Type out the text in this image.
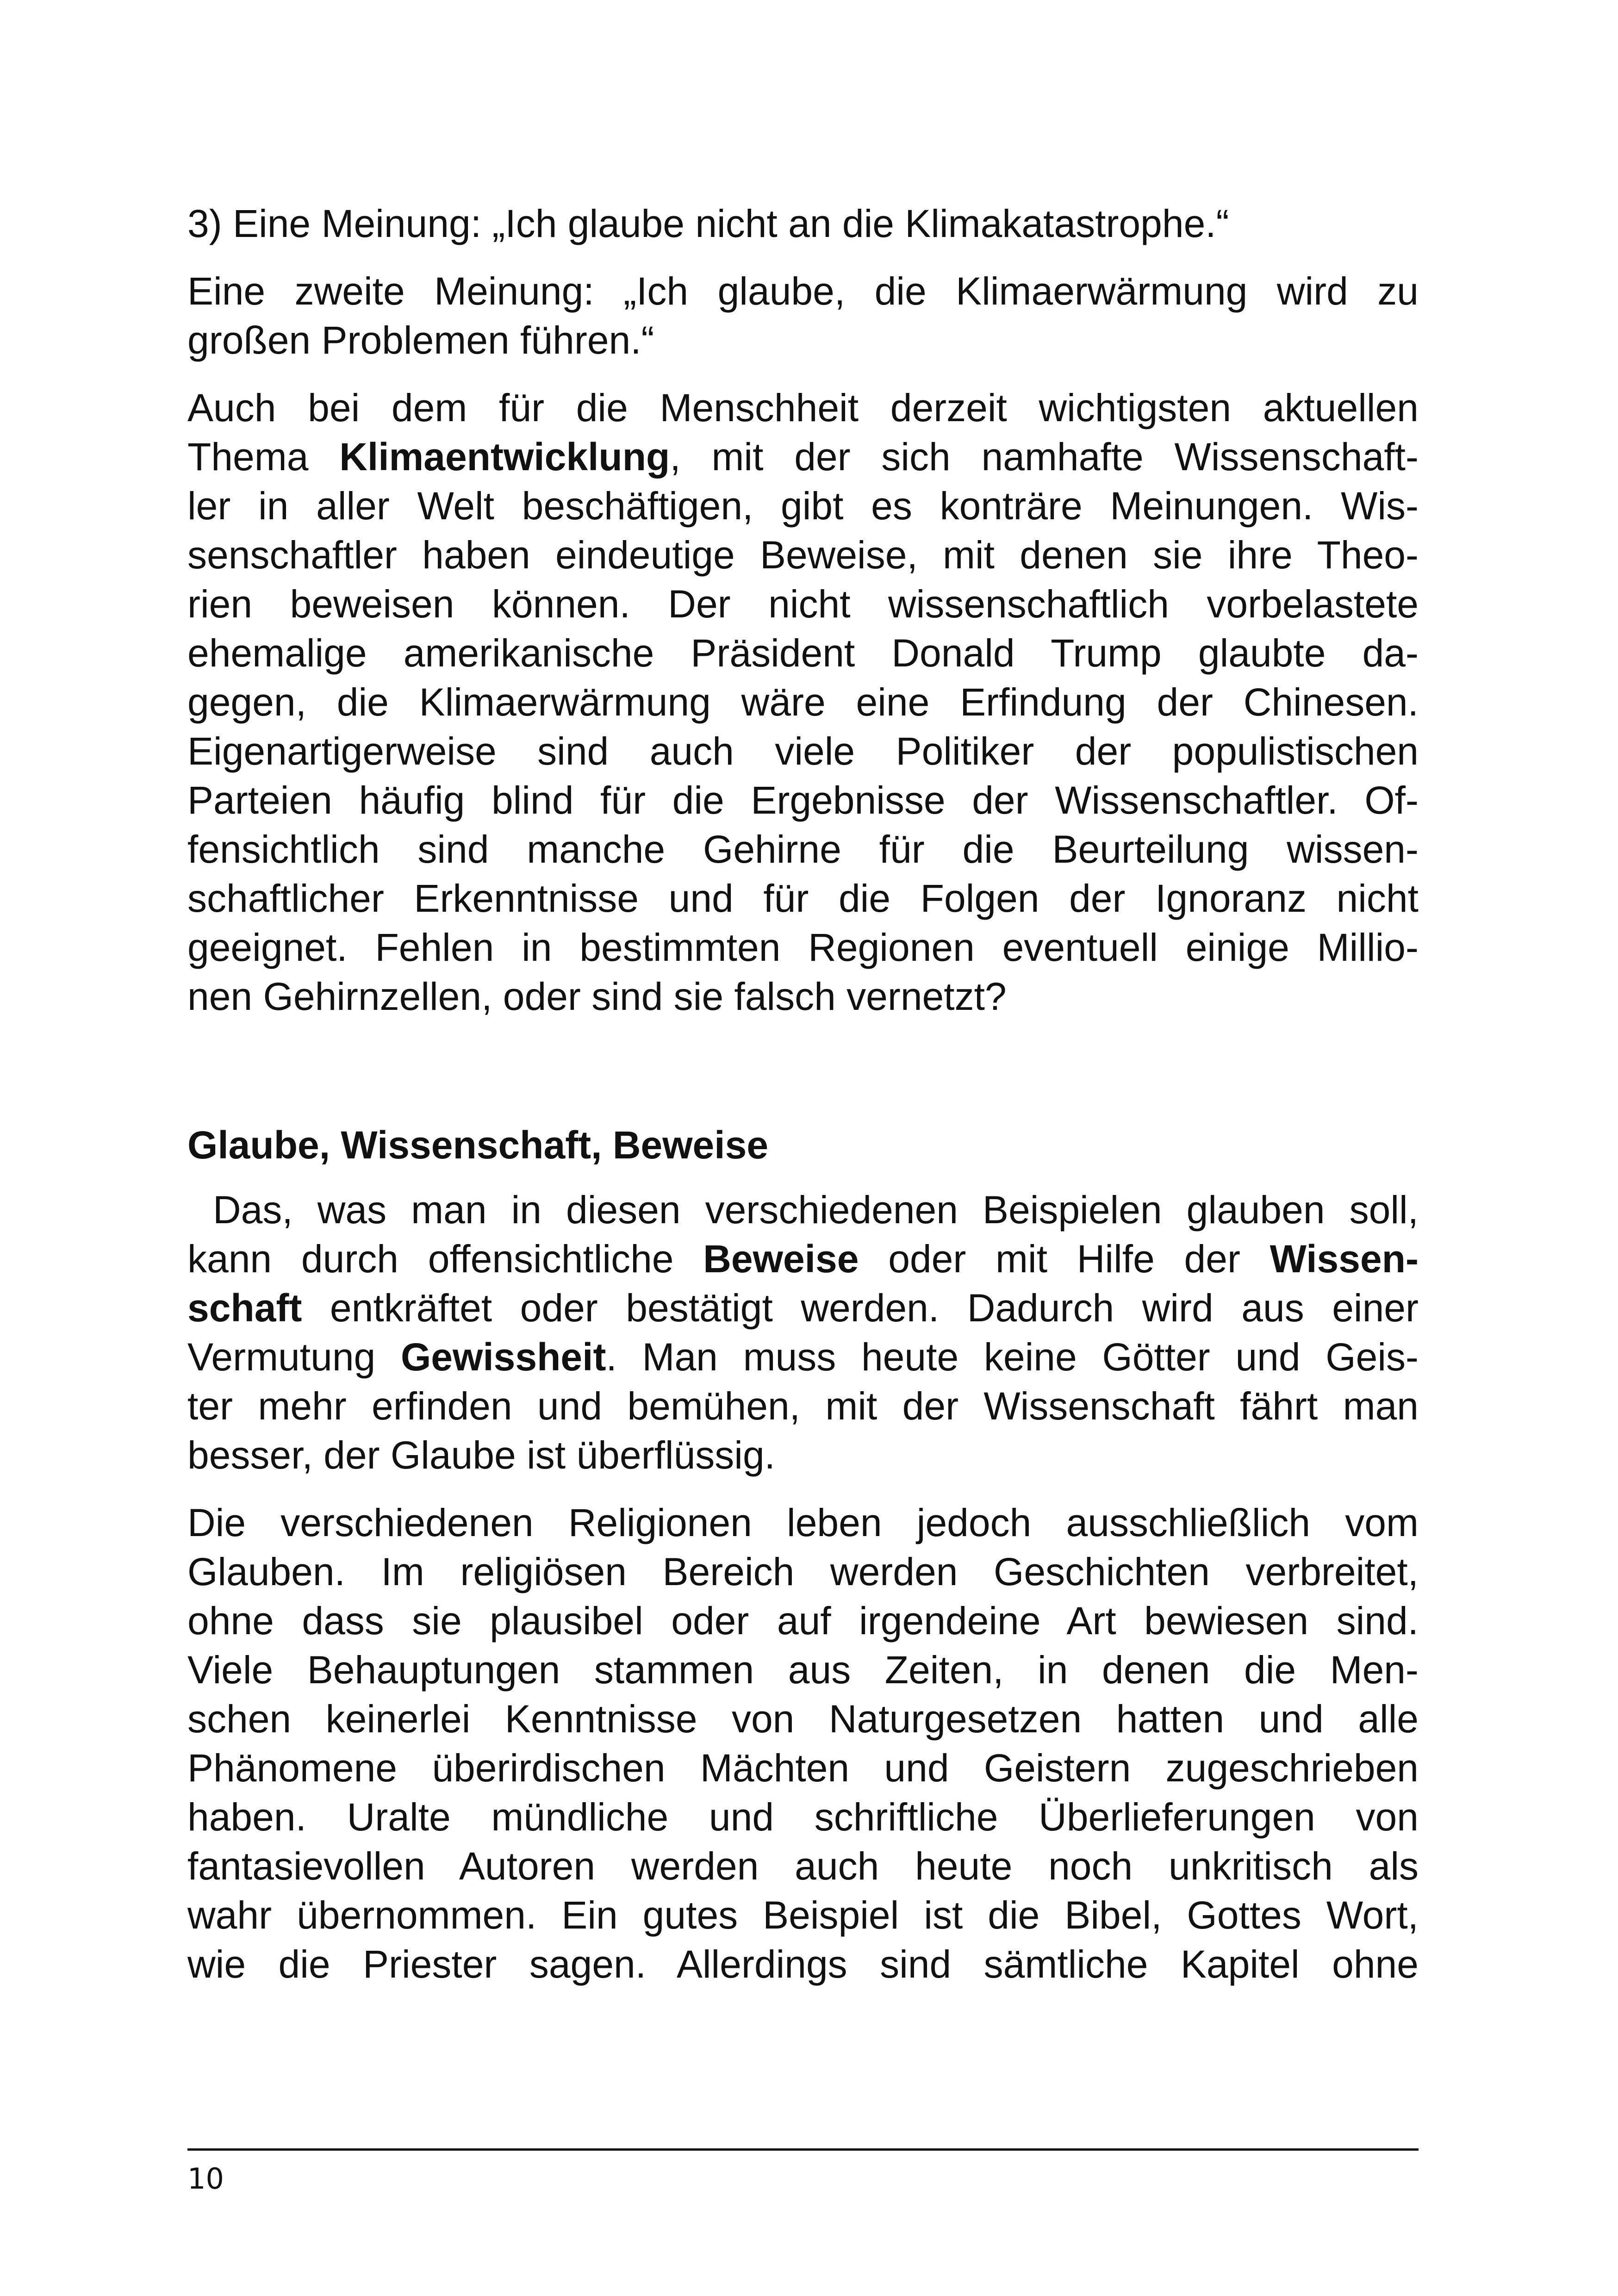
3) Eine Meinung: „Ich glaube nicht an die Klimakatastrophe.“

Eine zweite Meinung: „Ich glaube, die Klimaerwärmung wird zu
großen Problemen führen.“

Auch bei dem für die Menschheit derzeit wichtigsten aktuellen
Thema Klimaentwicklung, mit der sich namhafte Wissenschaft-
ler in aller Welt beschäftigen, gibt es konträre Meinungen. Wis-
senschaftler haben eindeutige Beweise, mit denen sie ihre Theo-
rien beweisen können. Der nicht wissenschaftlich vorbelastete
ehemalige amerikanische Präsident Donald Trump glaubte da-
gegen, die Klimaerwärmung wäre eine Erfindung der Chinesen.
Eigenartigerweise sind auch viele Politiker der populistischen
Parteien häufig blind für die Ergebnisse der Wissenschaftler. Of-
fensichtlich sind manche Gehirne für die Beurteilung wissen-
schaftlicher Erkenntnisse und für die Folgen der Ignoranz nicht
geeignet. Fehlen in bestimmten Regionen eventuell einige Millio-
nen Gehirnzellen, oder sind sie falsch vernetzt?

Glaube, Wissenschaft, Beweise

Das, was man in diesen verschiedenen Beispielen glauben soll,
kann durch offensichtliche Beweise oder mit Hilfe der Wissen-
schaft entkräftet oder bestätigt werden. Dadurch wird aus einer
Vermutung Gewissheit. Man muss heute keine Götter und Geis-
ter mehr erfinden und bemühen, mit der Wissenschaft fährt man
besser, der Glaube ist überflüssig.

Die verschiedenen Religionen leben jedoch ausschließlich vom
Glauben. Im religiösen Bereich werden Geschichten verbreitet,
ohne dass sie plausibel oder auf irgendeine Art bewiesen sind.
Viele Behauptungen stammen aus Zeiten, in denen die Men-
schen keinerlei Kenntnisse von Naturgesetzen hatten und alle
Phänomene überirdischen Mächten und Geistern zugeschrieben
haben. Uralte mündliche und schriftliche Überlieferungen von
fantasievollen Autoren werden auch heute noch unkritisch als
wahr übernommen. Ein gutes Beispiel ist die Bibel, Gottes Wort,
wie die Priester sagen. Allerdings sind sämtliche Kapitel ohne

10
